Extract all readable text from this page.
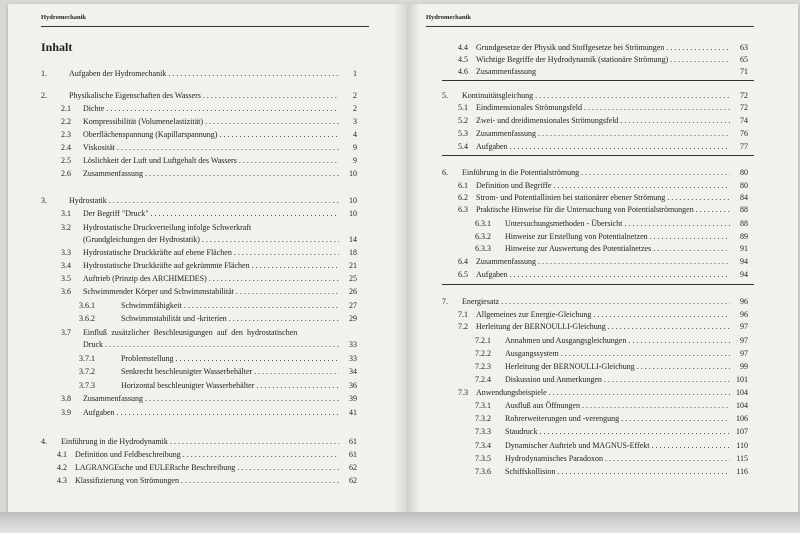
Hydromechanik
Inhalt
1.	Aufgaben der Hydromechanik . . .	1
2.	Physikalische Eigenschaften des Wassers . . .	2
2.1 Dichte . . .	2
2.2 Kompressibilität (Volumenelastizität) . . .	3
2.3 Oberflächenspannung (Kapillarspannung) . . .	4
2.4 Viskosität . . .	9
2.5 Löslichkeit der Luft und Luftgehalt des Wassers . . .	9
2.6 Zusammenfassung . . .	10
3.	Hydrostatik . . .	10
3.1 Der Begriff "Druck" . . .	10
3.2 Hydrostatische Druckverteilung infolge Schwerkraft
(Grundgleichungen der Hydrostatik) . . .	14
3.3 Hydrostatische Druckkräfte auf ebene Flächen . . .	18
3.4 Hydrostatische Druckkräfte auf gekrümmte Flächen . . .	21
3.5 Auftrieb (Prinzip des ARCHIMEDES) . . .	25
3.6 Schwimmender Körper und Schwimmstabilität . . .	26
3.6.1	Schwimmfähigkeit . . .	27
3.6.2	Schwimmstabilität und -kriterien . . .	29
3.7 Einfluß zusätzlicher Beschleunigungen auf den hydrostatischen
Druck . . .	33
3.7.1	Problemstellung . . .	33
3.7.2	Senkrecht beschleunigter Wasserbehälter . . .	34
3.7.3	Horizontal beschleunigter Wasserbehälter . . .	36
3.8 Zusammenfassung . . .	39
3.9 Aufgaben . . .	41
4. Einführung in die Hydrodynamik . . .	61
4.1 Definition und Feldbeschreibung . . .	61
4.2 LAGRANGEsche und EULERsche Beschreibung . . .	62
4.3 Klassifizierung von Strömungen . . .	62
Hydromechanik
4.4 Grundgesetze der Physik und Stoffgesetze bei Strömungen . . .	63
4.5 Wichtige Begriffe der Hydrodynamik (stationäre Strömung) . . .	65
4.6 Zusammenfassung	71
5. Kontinuitätsgleichung . . .	72
5.1 Eindimensionales Strömungsfeld . . .	72
5.2 Zwei- und dreidimensionales Strömungsfeld . . .	74
5.3 Zusammenfassung . . .	76
5.4 Aufgaben . . .	77
6. Einführung in die Potentialströmung . . .	80
6.1 Definition und Begriffe . . .	80
6.2 Strom- und Potentiallinien bei stationärer ebener Strömung . . .	84
6.3 Praktische Hinweise für die Untersuchung von Potentialströmungen . . .	88
6.3.1 Untersuchungsmethoden - Übersicht . . .	88
6.3.2 Hinweise zur Erstellung von Potentialnetzen . . .	89
6.3.3 Hinweise zur Auswertung des Potentialnetzes . . .	91
6.4 Zusammenfassung . . .	94
6.5 Aufgaben . . .	94
7. Energiesatz . . .	96
7.1 Allgemeines zur Energie-Gleichung . . .	96
7.2 Herleitung der BERNOULLI-Gleichung . . .	97
7.2.1 Annahmen und Ausgangsgleichungen . . .	97
7.2.2 Ausgangssystem . . .	97
7.2.3 Herleitung der BERNOULLI-Gleichung . . .	99
7.2.4 Diskussion und Anmerkungen . . .	101
7.3 Anwendungsbeispiele . . .	104
7.3.1 Ausfluß aus Öffnungen . . .	104
7.3.2 Rohrerweiterungen und -verengung . . .	106
7.3.3 Staudruck . . .	107
7.3.4 Dynamischer Auftrieb und MAGNUS-Effekt . . .	110
7.3.5 Hydrodynamisches Paradoxon . . .	115
7.3.6 Schiffskollision . . .	116
